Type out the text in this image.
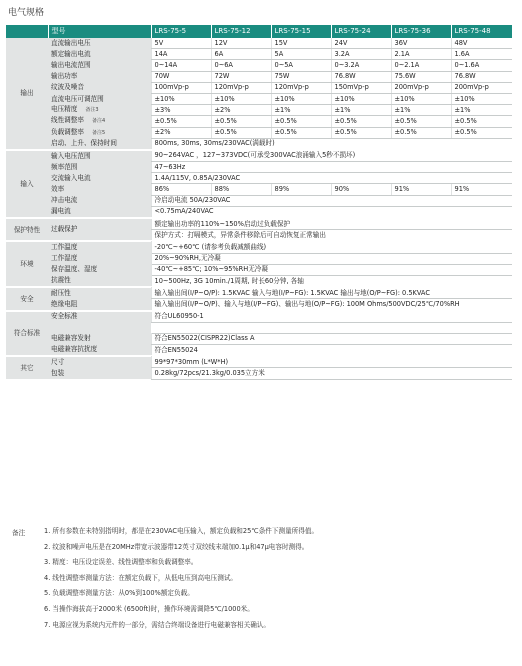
电气规格
	型号	LRS-75-5	LRS-75-12	LRS-75-15	LRS-75-24	LRS-75-36	LRS-75-48
输出	直流输出电压	5V	12V	15V	24V	36V	48V
	额定输出电流	14A	6A	5A	3.2A	2.1A	1.6A
	输出电流范围	0~14A	0~6A	0~5A	0~3.2A	0~2.1A	0~1.6A
	输出功率	70W	72W	75W	76.8W	75.6W	76.8W
	纹波及噪音	100mVp-p	120mVp-p	120mVp-p	150mVp-p	200mVp-p	200mVp-p
	直流电压可调范围	±10%	±10%	±10%	±10%	±10%	±10%
	电压精度 备注3	±3%	±2%	±1%	±1%	±1%	±1%
	线性调整率 备注4	±0.5%	±0.5%	±0.5%	±0.5%	±0.5%	±0.5%
	负载调整率 备注5	±2%	±0.5%	±0.5%	±0.5%	±0.5%	±0.5%
	启动、上升、保持时间	800ms, 30ms, 30ms/230VAC(满载时)					
输入	输入电压范围	90~264VAC ，127~373VDC(可承受300VAC浪涌输入5秒不损坏)					
	频率范围	47~63Hz					
	交流输入电流	1.4A/115V, 0.85A/230VAC					
	效率	86%	88%	89%	90%	91%	91%
	冲击电流	冷启动电流 50A/230VAC					
	漏电流	<0.75mA/240VAC					
保护特性	过载保护	额定输出功率的110%~150%启动过负载保护					
		保护方式：打嗝模式，异常条件移除后可自动恢复正常输出					
环境	工作温度	-20℃~+60℃ (请参考负载减额曲线)					

	工作湿度	20%~90%RH,无冷凝					

	保存温度、湿度	-40℃~+85℃; 10%~95%RH无冷凝					

	抗震性	10~500Hz, 3G 10min./1周期, 时长60分钟, 各轴					

安全	耐压性	输入输出间(I/P~O/P): 1.5KVAC 输入与地(I/P~FG): 1.5KVAC 输出与地(O/P~FG): 0.5KVAC					

	绝缘电阻	输入输出间(I/P~O/P)、输入与地(I/P~FG)、输出与地(O/P~FG): 100M Ohms/500VDC/25℃/70%RH					

符合标准	安全标准	符合UL60950-1					

	电磁兼容发射	符合EN55022(CISPR22)Class A					

	电磁兼容抗扰度	符合EN55024					

其它	尺寸	99*97*30mm (L*W*H)					

	包装	0.28kg/72pcs/21.3kg/0.035立方米					

备注	1. 所有参数在未特别指明时，都是在230VAC电压输入，额定负载和25℃条件下测量所得值。
2. 纹波和噪声电压是在20MHz带宽示波器带12英寸双绞线末端加0.1μ和47μ电容时测得。
3. 精度：电压设定误差、线性调整率和负载调整率。
4. 线性调整率测量方法：在额定负载下，从低电压到高电压测试。
5. 负载调整率测量方法：从0%到100%额定负载。
6. 当操作海拔高于2000米 (6500ft)时，操作环境需调降5℃/1000米。
7. 电源应视为系统内元件的一部分，需结合终端设备进行电磁兼容相关确认。
